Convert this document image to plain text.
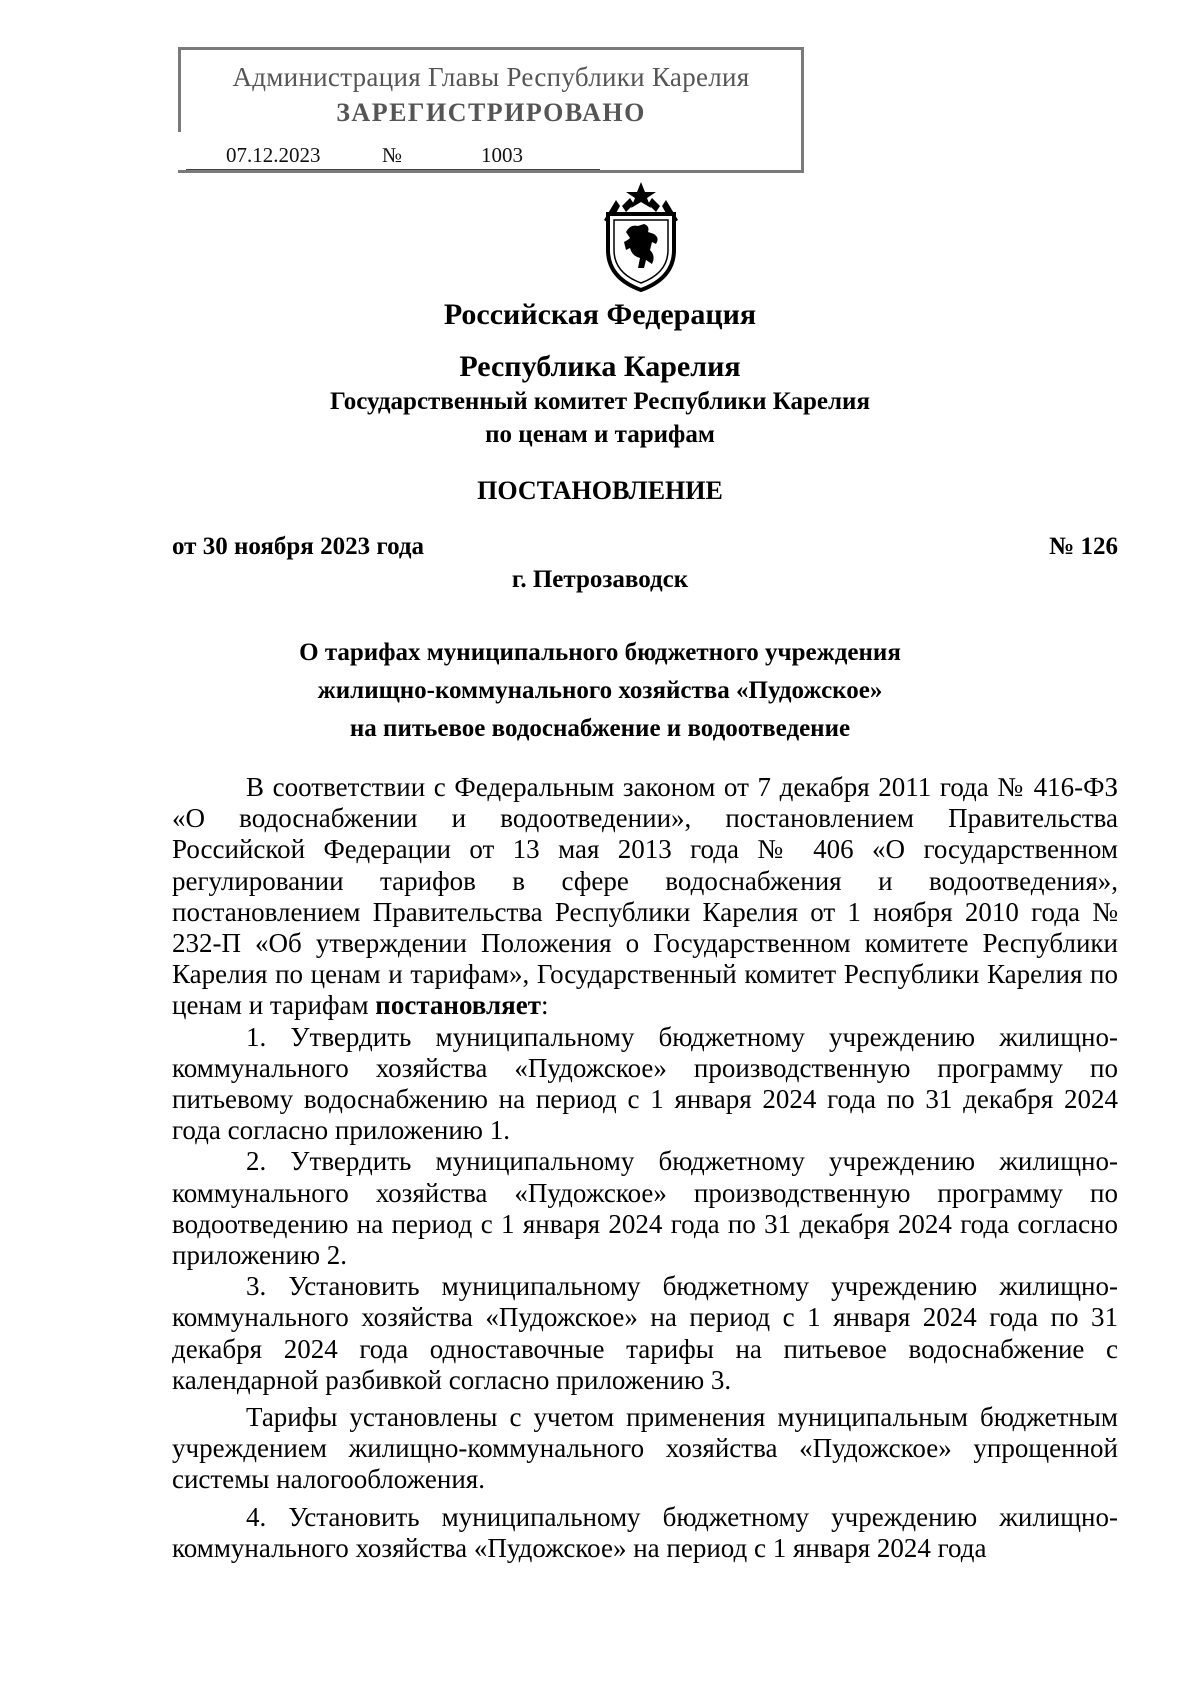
Администрация Главы Республики Карелия
ЗАРЕГИСТРИРОВАНО
07.12.2023	№	1003
Российская Федерация
Республика Карелия
Государственный комитет Республики Карелия
по ценам и тарифам
ПОСТАНОВЛЕНИЕ
от 30 ноября 2023 года	№ 126
г. Петрозаводск
О тарифах муниципального бюджетного учреждения
жилищно-коммунального хозяйства «Пудожское»
на питьевое водоснабжение и водоотведение

В соответствии с Федеральным законом от 7 декабря 2011 года № 416-ФЗ «О водоснабжении и водоотведении», постановлением Правительства Российской Федерации от 13 мая 2013 года № 406 «О государственном регулировании тарифов в сфере водоснабжения и водоотведения», постановлением Правительства Республики Карелия от 1 ноября 2010 года № 232-П «Об утверждении Положения о Государственном комитете Республики Карелия по ценам и тарифам», Государственный комитет Республики Карелия по ценам и тарифам постановляет:

1. Утвердить муниципальному бюджетному учреждению жилищно-коммунального хозяйства «Пудожское» производственную программу по питьевому водоснабжению на период с 1 января 2024 года по 31 декабря 2024 года согласно приложению 1.

2. Утвердить муниципальному бюджетному учреждению жилищно-коммунального хозяйства «Пудожское» производственную программу по водоотведению на период с 1 января 2024 года по 31 декабря 2024 года согласно приложению 2.

3. Установить муниципальному бюджетному учреждению жилищно-коммунального хозяйства «Пудожское» на период с 1 января 2024 года по 31 декабря 2024 года одноставочные тарифы на питьевое водоснабжение с календарной разбивкой согласно приложению 3.

Тарифы установлены с учетом применения муниципальным бюджетным учреждением жилищно-коммунального хозяйства «Пудожское» упрощенной системы налогообложения.

4. Установить муниципальному бюджетному учреждению жилищно-коммунального хозяйства «Пудожское» на период с 1 января 2024 года
